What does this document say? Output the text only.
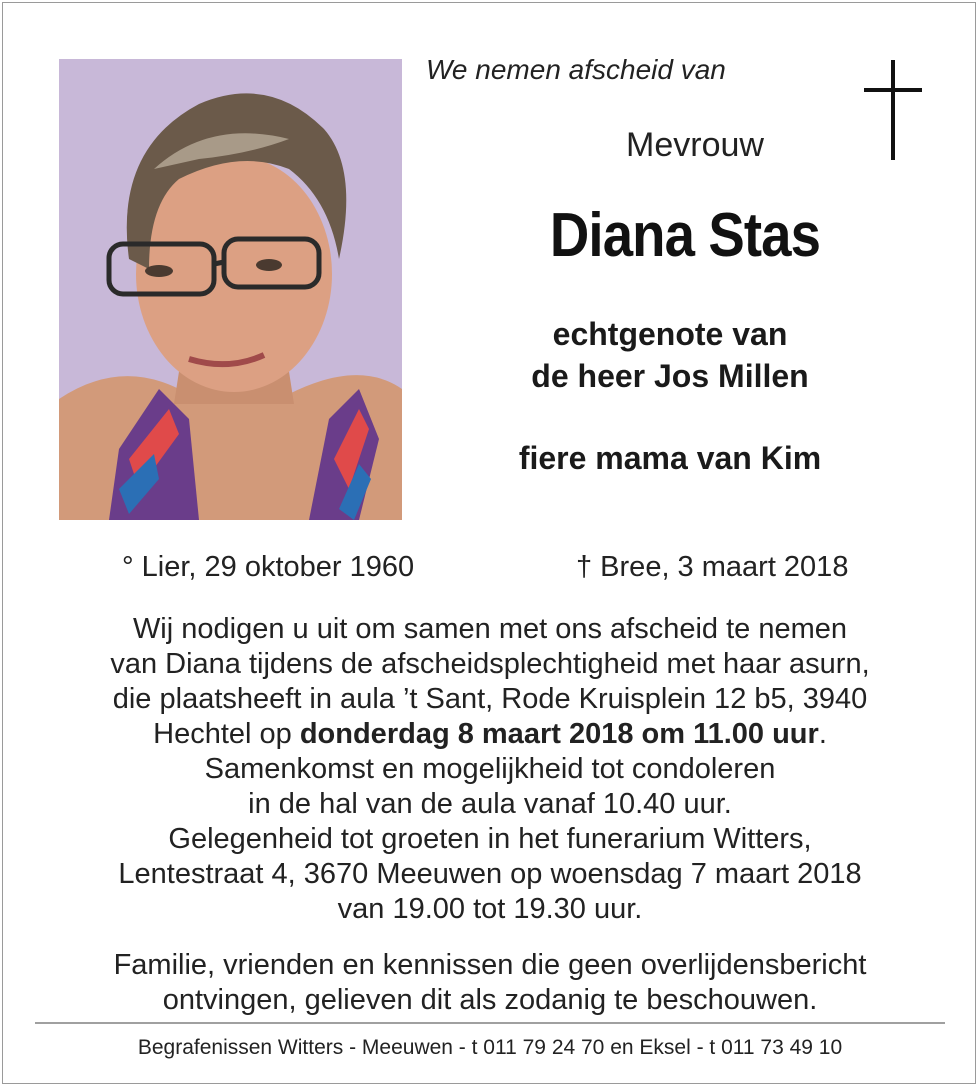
We nemen afscheid van
Mevrouw
Diana Stas
echtgenote van
de heer Jos Millen
fiere mama van Kim
° Lier, 29 oktober 1960	† Bree, 3 maart 2018
Wij nodigen u uit om samen met ons afscheid te nemen
van Diana tijdens de afscheidsplechtigheid met haar asurn,
die plaatsheeft in aula ’t Sant, Rode Kruisplein 12 b5, 3940
Hechtel op donderdag 8 maart 2018 om 11.00 uur.
Samenkomst en mogelijkheid tot condoleren
in de hal van de aula vanaf 10.40 uur.
Gelegenheid tot groeten in het funerarium Witters,
Lentestraat 4, 3670 Meeuwen op woensdag 7 maart 2018
van 19.00 tot 19.30 uur.
Familie, vrienden en kennissen die geen overlijdensbericht
ontvingen, gelieven dit als zodanig te beschouwen.
Begrafenissen Witters - Meeuwen - t 011 79 24 70 en Eksel - t 011 73 49 10
